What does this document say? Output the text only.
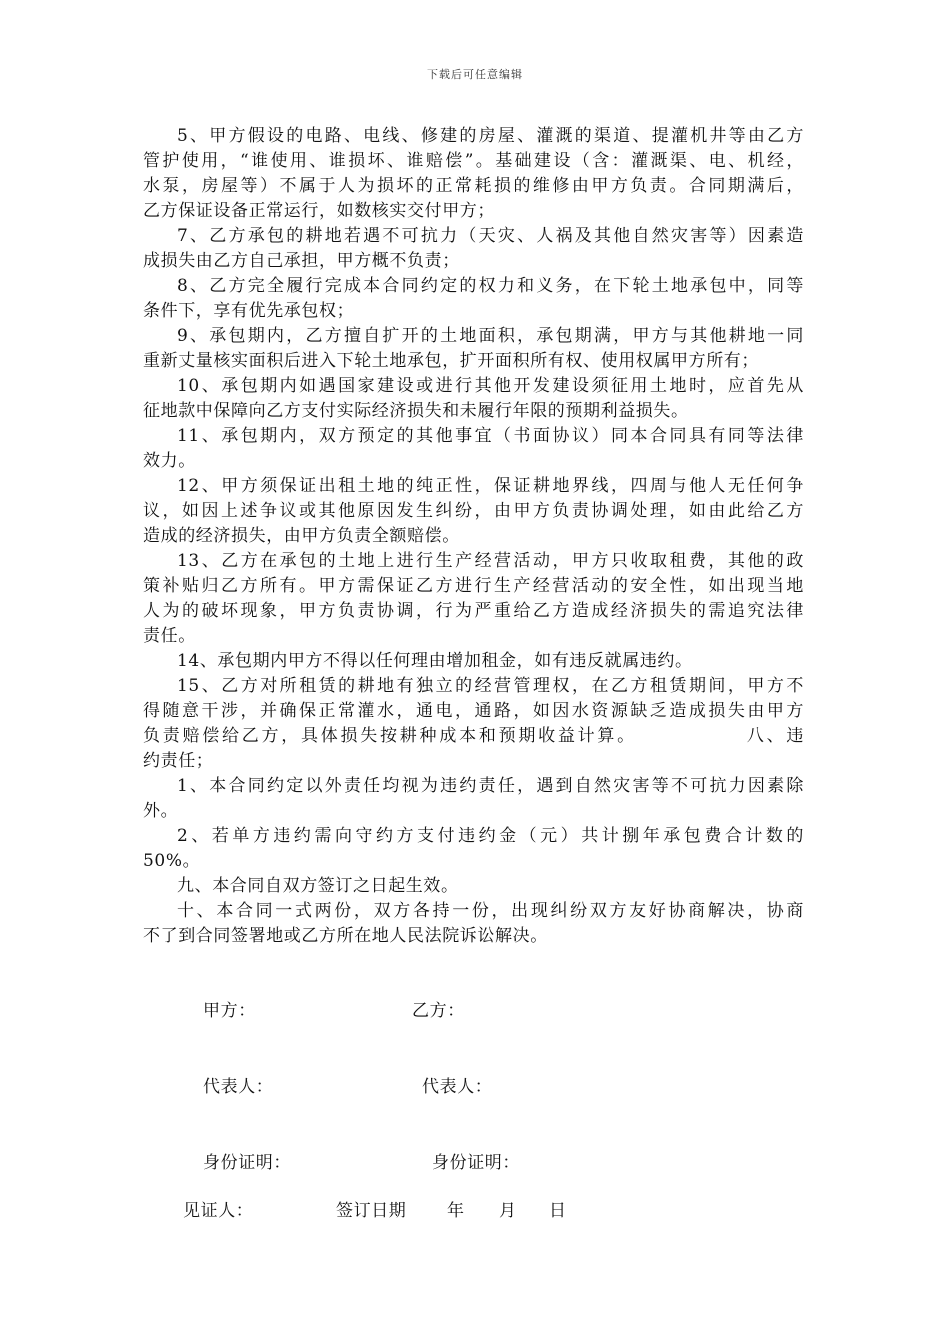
下载后可任意编辑
5、甲方假设的电路、电线、修建的房屋、灌溉的渠道、提灌机井等由乙方
管护使用，“谁使用、谁损坏、谁赔偿”。基础建设（含：灌溉渠、电、机经，
水泵，房屋等）不属于人为损坏的正常耗损的维修由甲方负责。合同期满后，
乙方保证设备正常运行，如数核实交付甲方；
7、乙方承包的耕地若遇不可抗力（天灾、人祸及其他自然灾害等）因素造
成损失由乙方自己承担，甲方概不负责；
8、乙方完全履行完成本合同约定的权力和义务，在下轮土地承包中，同等
条件下，享有优先承包权；
9、承包期内，乙方擅自扩开的土地面积，承包期满，甲方与其他耕地一同
重新丈量核实面积后进入下轮土地承包，扩开面积所有权、使用权属甲方所有；
10、承包期内如遇国家建设或进行其他开发建设须征用土地时，应首先从
征地款中保障向乙方支付实际经济损失和未履行年限的预期利益损失。
11、承包期内，双方预定的其他事宜（书面协议）同本合同具有同等法律
效力。
12、甲方须保证出租土地的纯正性，保证耕地界线，四周与他人无任何争
议，如因上述争议或其他原因发生纠纷，由甲方负责协调处理，如由此给乙方
造成的经济损失，由甲方负责全额赔偿。
13、乙方在承包的土地上进行生产经营活动，甲方只收取租费，其他的政
策补贴归乙方所有。甲方需保证乙方进行生产经营活动的安全性，如出现当地
人为的破坏现象，甲方负责协调，行为严重给乙方造成经济损失的需追究法律
责任。
14、承包期内甲方不得以任何理由增加租金，如有违反就属违约。
15、乙方对所租赁的耕地有独立的经营管理权，在乙方租赁期间，甲方不
得随意干涉，并确保正常灌水，通电，通路，如因水资源缺乏造成损失由甲方
负责赔偿给乙方，具体损失按耕种成本和预期收益计算。　　　　　　八、违
约责任；
1、本合同约定以外责任均视为违约责任，遇到自然灾害等不可抗力因素除
外。
2、若单方违约需向守约方支付违约金（元）共计捌年承包费合计数的
50%。
九、本合同自双方签订之日起生效。
十、本合同一式两份，双方各持一份，出现纠纷双方友好协商解决，协商
不了到合同签署地或乙方所在地人民法院诉讼解决。
甲方：	乙方：
代表人：	代表人：
身份证明：	身份证明：
见证人：	签订日期 年 月 日
